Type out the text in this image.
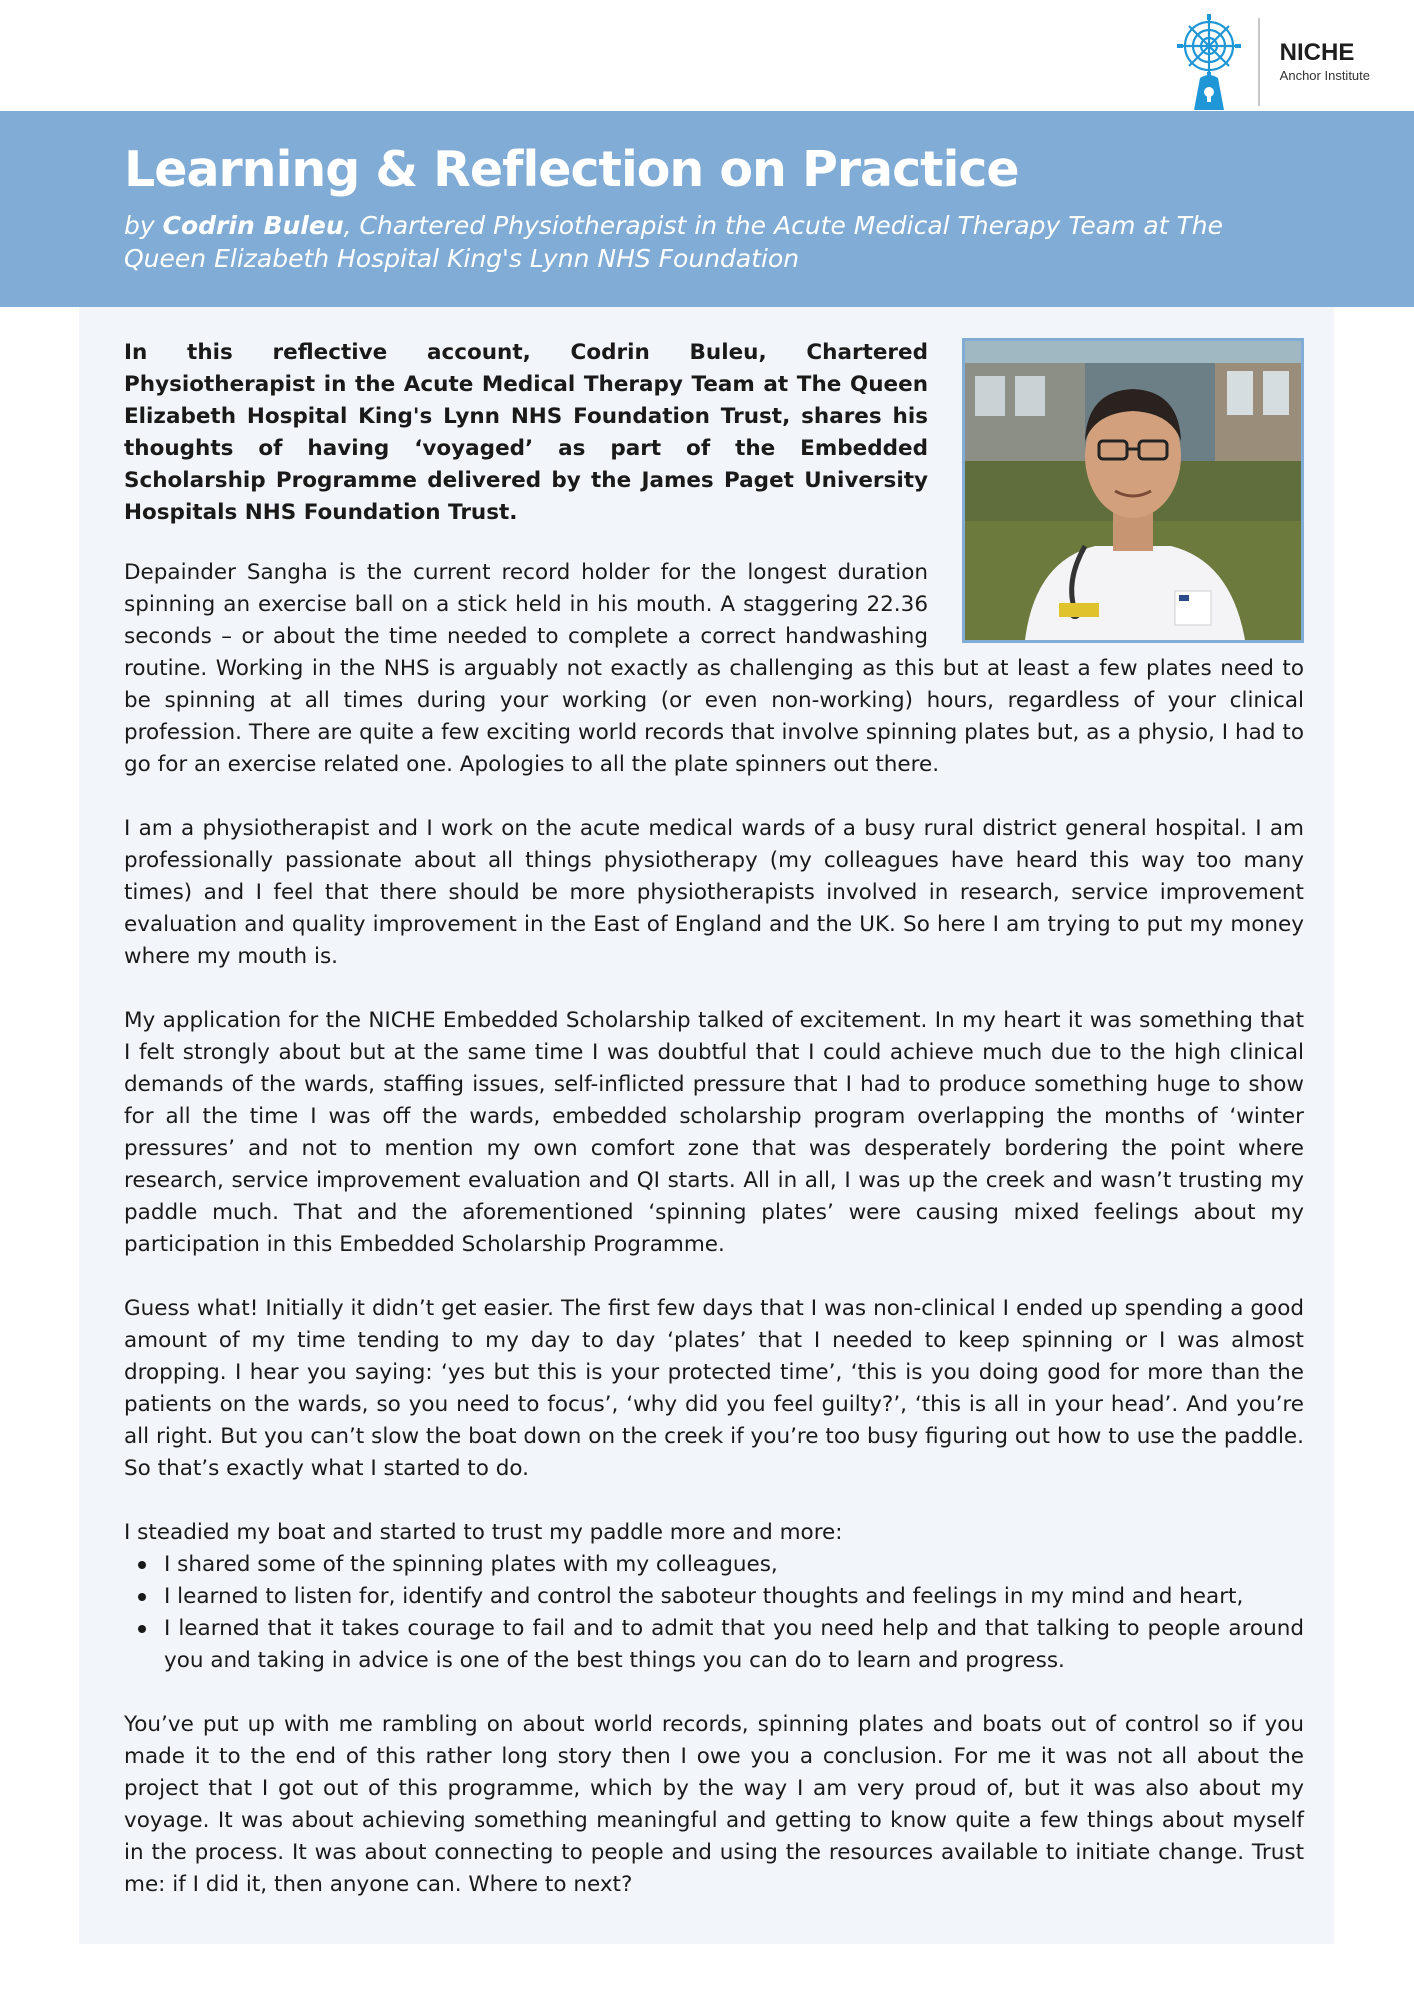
NICHE
Anchor Institute
Learning & Reflection on Practice
by Codrin Buleu, Chartered Physiotherapist in the Acute Medical Therapy Team at The Queen Elizabeth Hospital King's Lynn NHS Foundation

In this reflective account, Codrin Buleu, Chartered Physiotherapist in the Acute Medical Therapy Team at The Queen Elizabeth Hospital King's Lynn NHS Foundation Trust, shares his thoughts of having ‘voyaged’ as part of the Embedded Scholarship Programme delivered by the James Paget University Hospitals NHS Foundation Trust.

Depainder Sangha is the current record holder for the longest duration spinning an exercise ball on a stick held in his mouth. A staggering 22.36 seconds – or about the time needed to complete a correct handwashing routine. Working in the NHS is arguably not exactly as challenging as this but at least a few plates need to be spinning at all times during your working (or even non-working) hours, regardless of your clinical profession. There are quite a few exciting world records that involve spinning plates but, as a physio, I had to go for an exercise related one. Apologies to all the plate spinners out there.

I am a physiotherapist and I work on the acute medical wards of a busy rural district general hospital. I am professionally passionate about all things physiotherapy (my colleagues have heard this way too many times) and I feel that there should be more physiotherapists involved in research, service improvement evaluation and quality improvement in the East of England and the UK. So here I am trying to put my money where my mouth is.

My application for the NICHE Embedded Scholarship talked of excitement. In my heart it was something that I felt strongly about but at the same time I was doubtful that I could achieve much due to the high clinical demands of the wards, staffing issues, self-inflicted pressure that I had to produce something huge to show for all the time I was off the wards, embedded scholarship program overlapping the months of ‘winter pressures’ and not to mention my own comfort zone that was desperately bordering the point where research, service improvement evaluation and QI starts. All in all, I was up the creek and wasn’t trusting my paddle much. That and the aforementioned ‘spinning plates’ were causing mixed feelings about my participation in this Embedded Scholarship Programme.

Guess what! Initially it didn’t get easier. The first few days that I was non-clinical I ended up spending a good amount of my time tending to my day to day ‘plates’ that I needed to keep spinning or I was almost dropping. I hear you saying: ‘yes but this is your protected time’, ‘this is you doing good for more than the patients on the wards, so you need to focus’, ‘why did you feel guilty?’, ‘this is all in your head’. And you’re all right. But you can’t slow the boat down on the creek if you’re too busy figuring out how to use the paddle. So that’s exactly what I started to do.

I steadied my boat and started to trust my paddle more and more:

I shared some of the spinning plates with my colleagues,
I learned to listen for, identify and control the saboteur thoughts and feelings in my mind and heart,
I learned that it takes courage to fail and to admit that you need help and that talking to people around you and taking in advice is one of the best things you can do to learn and progress.

You’ve put up with me rambling on about world records, spinning plates and boats out of control so if you made it to the end of this rather long story then I owe you a conclusion. For me it was not all about the project that I got out of this programme, which by the way I am very proud of, but it was also about my voyage. It was about achieving something meaningful and getting to know quite a few things about myself in the process. It was about connecting to people and using the resources available to initiate change. Trust me: if I did it, then anyone can. Where to next?
